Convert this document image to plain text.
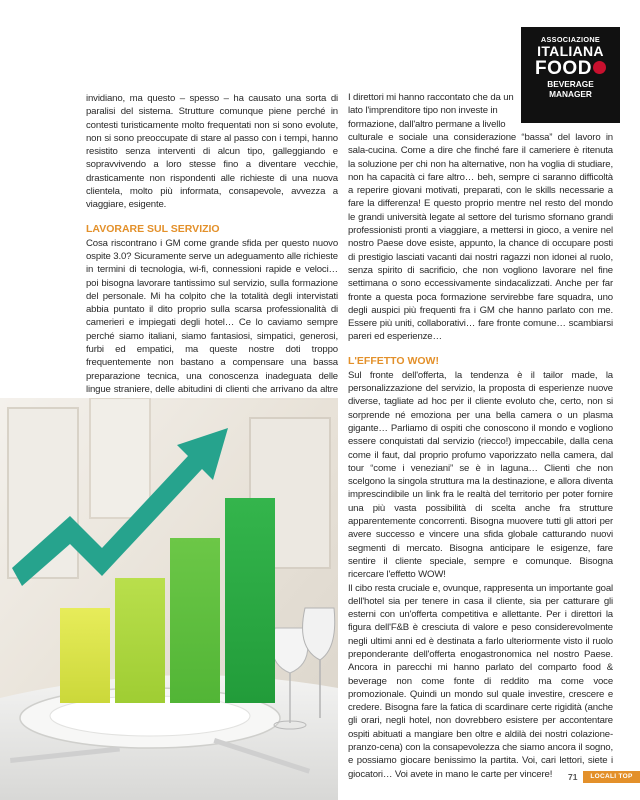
ASSOCIAZIONE
ITALIANA
FOOD
BEVERAGE
MANAGER

invidiano, ma questo – spesso – ha causato una sorta di paralisi del sistema. Strutture comunque piene perché in contesti turisticamente molto frequentati non si sono evolute, non si sono preoccupate di stare al passo con i tempi, hanno resistito senza interventi di alcun tipo, galleggiando e sopravvivendo a loro stesse fino a diventare vecchie, drasticamente non rispondenti alle richieste di una nuova clientela, molto più informata, consapevole, avvezza a viaggiare, esigente.

LAVORARE SUL SERVIZIO

Cosa riscontrano i GM come grande sfida per questo nuovo ospite 3.0? Sicuramente serve un adeguamento alle richieste in termini di tecnologia, wi-fi, connessioni rapide e veloci… poi bisogna lavorare tantissimo sul servizio, sulla formazione del personale. Mi ha colpito che la totalità degli intervistati abbia puntato il dito proprio sulla scarsa professionalità di camerieri e impiegati degli hotel… Ce lo caviamo sempre perché siamo italiani, siamo fantasiosi, simpatici, generosi, furbi ed empatici, ma queste nostre doti troppo frequentemente non bastano a compensare una bassa preparazione tecnica, una conoscenza inadeguata delle lingue straniere, delle abitudini di clienti che arrivano da altre

I direttori mi hanno raccontato che da un lato l'imprenditore tipo non investe in formazione, dall'altro permane a livello

culturale e sociale una considerazione “bassa” del lavoro in sala-cucina. Come a dire che finché fare il cameriere è ritenuta la soluzione per chi non ha alternative, non ha voglia di studiare, non ha capacità ci fare altro… beh, sempre ci saranno difficoltà a reperire giovani motivati, preparati, con le skills necessarie a fare la differenza! E questo proprio mentre nel resto del mondo le grandi università legate al settore del turismo sfornano grandi professionisti pronti a viaggiare, a mettersi in gioco, a venire nel nostro Paese dove esiste, appunto, la chance di occupare posti di prestigio lasciati vacanti dai nostri ragazzi non idonei al ruolo, senza spirito di sacrificio, che non vogliono lavorare nel fine settimana o sono eccessivamente sindacalizzati. Anche per far fronte a questa poca formazione servirebbe fare squadra, uno degli auspici più frequenti fra i GM che hanno parlato con me. Essere più uniti, collaborativi… fare fronte comune… scambiarsi pareri ed esperienze…

L'EFFETTO WOW!

Sul fronte dell'offerta, la tendenza è il tailor made, la personalizzazione del servizio, la proposta di esperienze nuove diverse, tagliate ad hoc per il cliente evoluto che, certo, non si sorprende né emoziona per una bella camera o un plasma gigante… Parliamo di ospiti che conoscono il mondo e vogliono essere conquistati dal servizio (riecco!) impeccabile, dalla cena come il faut, dal proprio profumo vaporizzato nella camera, dal tour “come i veneziani” se è in laguna… Clienti che non scelgono la singola struttura ma la destinazione, e allora diventa imprescindibile un link fra le realtà del territorio per poter fornire una più vasta possibilità di scelta anche fra strutture apparentemente concorrenti. Bisogna muovere tutti gli attori per avere successo e vincere una sfida globale catturando nuovi segmenti di mercato. Bisogna anticipare le esigenze, fare sentire il cliente speciale, sempre e comunque. Bisogna ricercare l'effetto WOW!

Il cibo resta cruciale e, ovunque, rappresenta un importante goal dell'hotel sia per tenere in casa il cliente, sia per catturare gli esterni con un'offerta competitiva e allettante. Per i direttori la figura dell'F&B è cresciuta di valore e peso considerevolmente negli ultimi anni ed è destinata a farlo ulteriormente visto il ruolo preponderante dell'offerta enogastronomica nel nostro Paese. Ancora in parecchi mi hanno parlato del comparto food & beverage non come fonte di reddito ma come voce promozionale. Quindi un mondo sul quale investire, crescere e credere. Bisogna fare la fatica di scardinare certe rigidità (anche gli orari, negli hotel, non dovrebbero esistere per accontentare ospiti abituati a mangiare ben oltre e aldilà dei nostri colazione-pranzo-cena) con la consapevolezza che siamo ancora il sogno, e possiamo giocare benissimo la partita. Voi, cari lettori, siete i giocatori… Voi avete in mano le carte per vincere!	71	LOCALI TOP
